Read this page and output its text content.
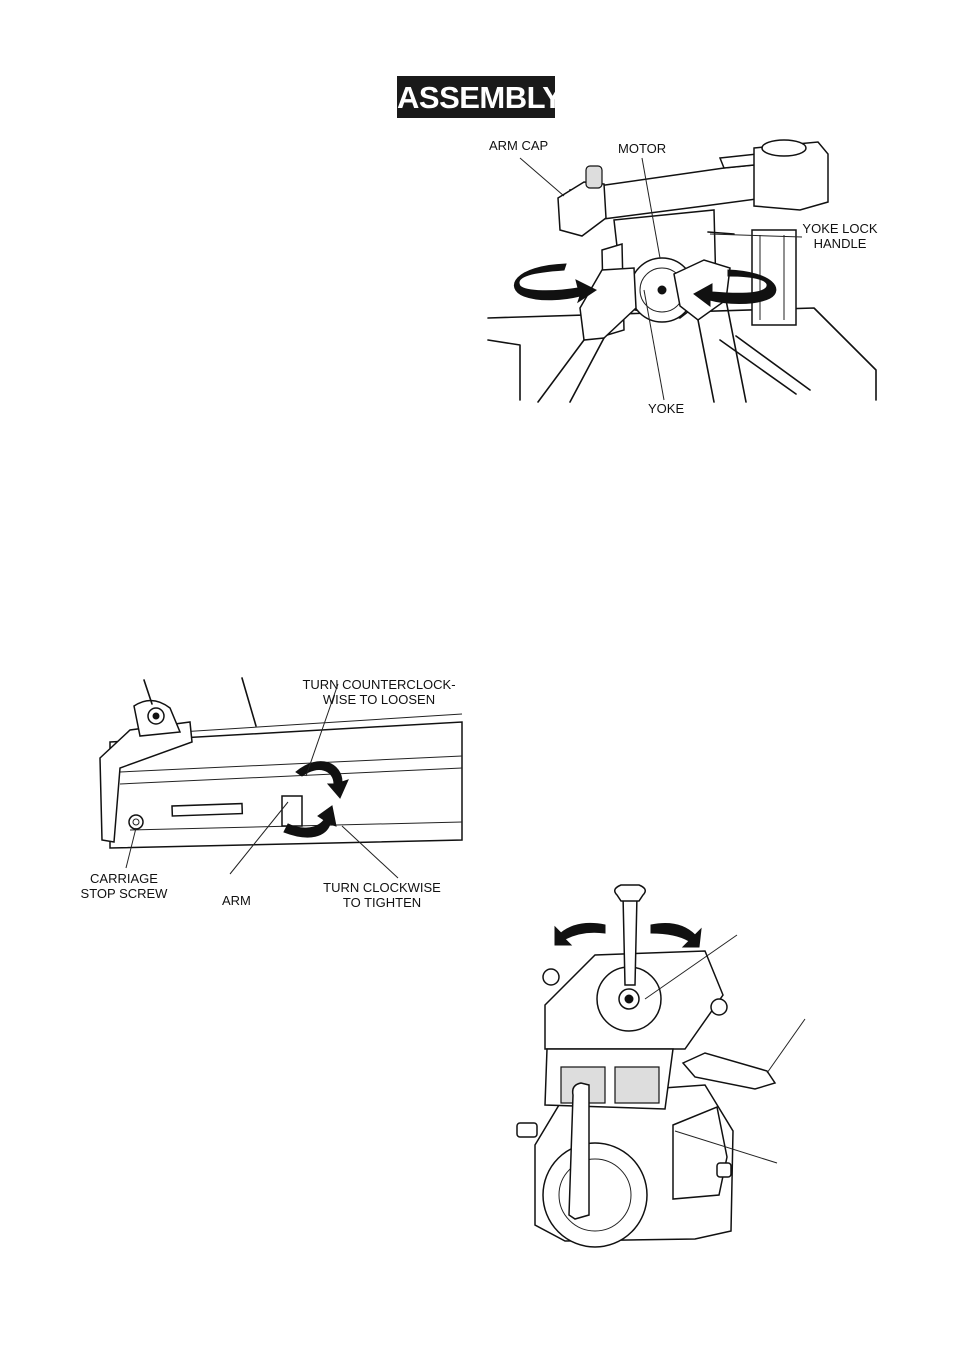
ASSEMBLY
ARM CAP	MOTOR
YOKE LOCK
HANDLE
YOKE
TURN COUNTERCLOCK-
WISE TO LOOSEN
CARRIAGE
STOP SCREW	ARM
TURN CLOCKWISE
TO TIGHTEN
